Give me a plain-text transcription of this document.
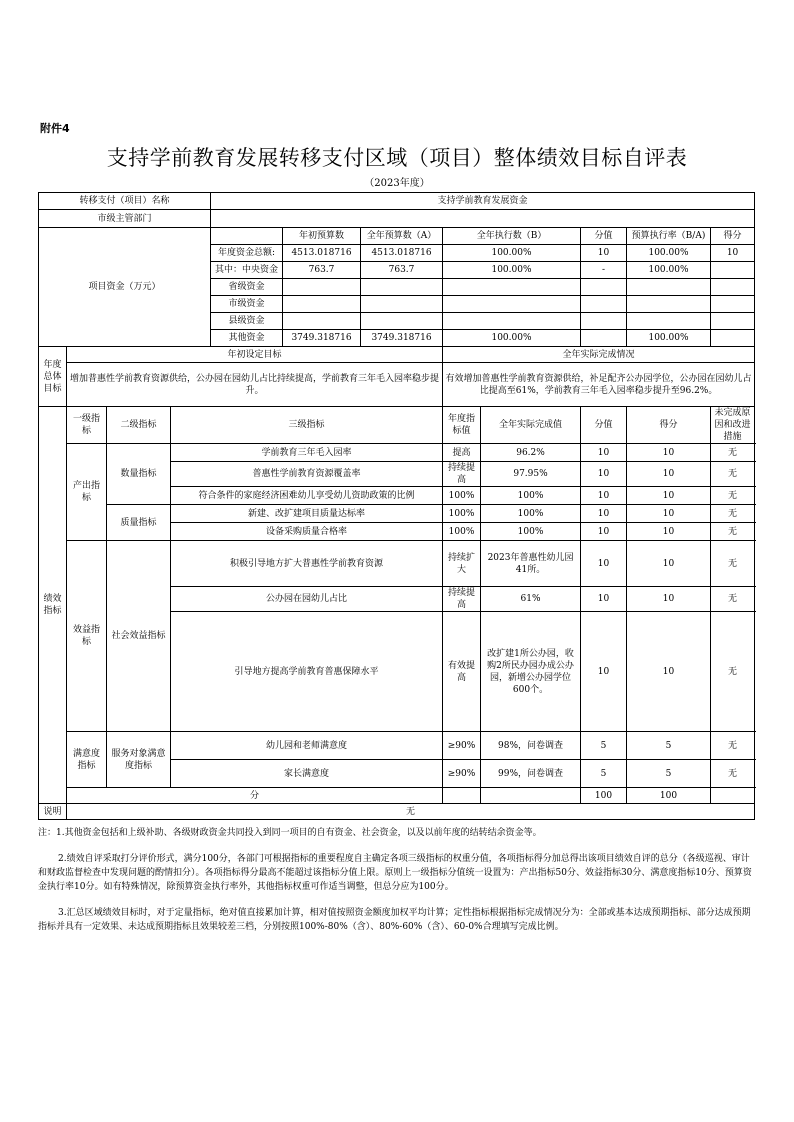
附件4
支持学前教育发展转移支付区域（项目）整体绩效目标自评表
（2023年度）
转移支付（项目）名称				支持学前教育发展资金							
市级主管部门											
项目资金（万元）					年初预算数	全年预算数（A）	全年执行数（B）		分值	预算执行率（B/A)	得分
				年度资金总额:	4513.018716	4513.018716	100.00%		10	100.00%	10
				其中：中央资金	763.7	763.7	100.00%		-	100.00%	
				省级资金							
				市级资金							
				县级资金							
				其他资金	3749.318716	3749.318716	100.00%			100.00%	
年度总体目标	年初设定目标						全年实际完成情况				
	增加普惠性学前教育资源供给，公办园在园幼儿占比持续提高，学前教育三年毛入园率稳步提升。						有效增加普惠性学前教育资源供给，补足配齐公办园学位，公办园在园幼儿占比提高至61%，学前教育三年毛入园率稳步提升至96.2%。				
绩效指标	一级指标	二级指标	三级指标				年度指标值	全年实际完成值	分值	得分	未完成原因和改进措施
	产出指标	数量指标	学前教育三年毛入园率				提高	96.2%	10	10	无
			普惠性学前教育资源覆盖率				持续提高	97.95%	10	10	无
			符合条件的家庭经济困难幼儿享受幼儿资助政策的比例				100%	100%	10	10	无
		质量指标	新建、改扩建项目质量达标率				100%	100%	10	10	无
			设备采购质量合格率				100%	100%	10	10	无
	效益指标	社会效益指标	积极引导地方扩大普惠性学前教育资源				持续扩大	2023年普惠性幼儿园41所。	10	10	无
			公办园在园幼儿占比				持续提高	61%	10	10	无
			引导地方提高学前教育普惠保障水平				有效提高	改扩建1所公办园，收购2所民办园办成公办园，新增公办园学位600个。	10	10	无
	满意度指标	服务对象满意度指标	幼儿园和老师满意度				≥90%	98%，问卷调查	5	5	无
			家长满意度				≥90%	99%，问卷调查	5	5	无
	分								100	100	
说明	无										

注：1.其他资金包括和上级补助、各级财政资金共同投入到同一项目的自有资金、社会资金，以及以前年度的结转结余资金等。

2.绩效自评采取打分评价形式，满分100分，各部门可根据指标的重要程度自主确定各项三级指标的权重分值，各项指标得分加总得出该项目绩效自评的总分（各级巡视、审计和财政监督检查中发现问题的酌情扣分）。各项指标得分最高不能超过该指标分值上限。原则上一级指标分值统一设置为：产出指标50分、效益指标30分、满意度指标10分、预算资金执行率10分。如有特殊情况，除预算资金执行率外，其他指标权重可作适当调整，但总分应为100分。

3.汇总区域绩效目标时，对于定量指标，绝对值直接累加计算，相对值按照资金额度加权平均计算；定性指标根据指标完成情况分为：全部或基本达成预期指标、部分达成预期指标并具有一定效果、未达成预期指标且效果较差三档，分别按照100%-80%（含）、80%-60%（含）、60-0%合理填写完成比例。
